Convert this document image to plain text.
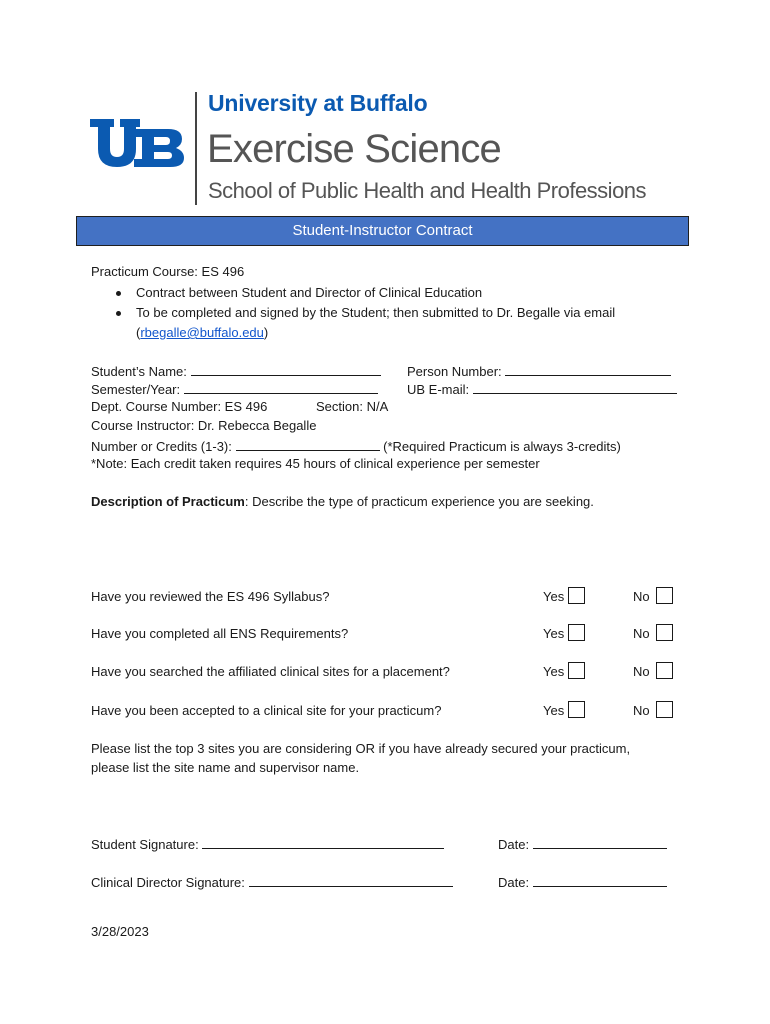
University at Buffalo
Exercise Science
School of Public Health and Health Professions
Student-Instructor Contract
Practicum Course: ES 496
Contract between Student and Director of Clinical Education
To be completed and signed by the Student; then submitted to Dr. Begalle via email
(rbegalle@buffalo.edu)
Student’s Name:	Person Number:
Semester/Year:	UB E-mail:
Dept. Course Number: ES 496	Section: N/A
Course Instructor: Dr. Rebecca Begalle
Number or Credits (1-3):	(*Required Practicum is always 3-credits)
*Note: Each credit taken requires 45 hours of clinical experience per semester
Description of Practicum: Describe the type of practicum experience you are seeking.
Have you reviewed the ES 496 Syllabus?	Yes	No
Have you completed all ENS Requirements?	Yes	No
Have you searched the affiliated clinical sites for a placement?	Yes	No
Have you been accepted to a clinical site for your practicum?	Yes	No
Please list the top 3 sites you are considering OR if you have already secured your practicum,
please list the site name and supervisor name.
Student Signature:	Date:
Clinical Director Signature:	Date:
3/28/2023
